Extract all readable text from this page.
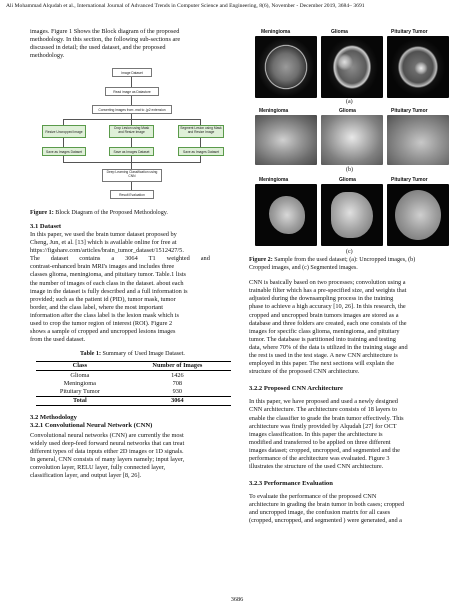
Ali Mohammad Alqudah et al., International Journal of Advanced Trends in Computer Science and Engineering, 8(6), November - December 2019, 3684– 3691

images. Figure 1 Shows the Block diagram of the proposed

methodology. In this section, the following sub-sections are

discussed in detail; the used dataset, and the proposed

methodology.

Image Dataset
Read image as Datastore
Converting images from .mat to .jp2 extension
Resize Uncropped Image
Crop Lesion using Mask and Resize Image
Segment Lesion using Mask and Resize Image
Save as Images Dataset	Save as Images Dataset	Save as Images Dataset
Deep Learning Classification using CNN
Result Evaluation

Figure 1: Block Diagram of the Proposed Methodology.

3.1 Dataset

In this paper, we used the brain tumor dataset proposed by

Cheng, Jun, et al. [13] which is available online for free at

https://figshare.com/articles/brain_tumor_dataset/1512427/5.

The       dataset       contains       a       3064       T1       weighted       and

contrast-enhanced brain MRI's images and includes three

classes glioma, meningioma, and pituitary tumor. Table.1 lists

the number of images of each class in the dataset. about each

image in the dataset is fully described and a full information is

provided; such as the patient id (PID), tumor mask, tumor

border, and the class label, where the most important

information after the class label is the lesion mask which is

used to crop the tumor region of interest (ROI). Figure 2

shows a sample of cropped and uncropped lesions images

from the used dataset.

Table 1: Summary of Used Image Dataset.

Class	Number of Images
Glioma	1426
Meningioma	708
Pituitary Tumor	930
Total	3064

3.2 Methodology

3.2.1 Convolutional Neural Network (CNN)

Convolutional neural networks (CNN) are currently the most

widely used deep-feed forward neural networks that can treat

different types of data inputs either 2D images or 1D signals.

In general, CNN consists of many layers namely; input layer,

convolution layer, RELU layer, fully connected layer,

classification layer, and output layer [8, 26].

Meningioma	Glioma	Pituitary Tumor
(a)
Meningioma	Glioma	Pituitary Tumor
(b)
Meningioma	Glioma	Pituitary Tumor
(c)

Figure 2: Sample from the used dataset; (a): Uncropped images, (b)

Cropped images, and (c) Segmented images.

CNN is basically based on two processes; convolution using a

trainable filter which has a pre-specified size, and weights that

adjusted during the downsampling process in the training

phase to achieve a high accuracy [10, 26]. In this research, the

cropped and uncropped brain tumors images are stored as a

database and three folders are created, each one consists of the

images for specific class glioma, meningioma, and pituitary

tumor. The database is partitioned into training and testing

data, where 70% of the data is utilized in the training stage and

the rest is used in the test stage. A new CNN architecture is

employed in this paper. The next sections will explain the

structure of the proposed CNN architecture.

3.2.2 Proposed CNN Architecture

In this paper, we have proposed and used a newly designed

CNN architecture. The architecture consists of 18 layers to

enable the classifier to grade the brain tumor effectively. This

architecture was firstly provided by Alqudah [27] for OCT

images classification. In this paper the architecture is

modified and transferred to be applied on three different

images dataset; cropped, uncropped, and segmented and the

performance of the architecture was evaluated. Figure 3

illustrates the structure of the used CNN architecture.

3.2.3 Performance Evaluation

To evaluate the performance of the proposed CNN

architecture in grading the brain tumor in both cases; cropped

and uncropped image, the confusion matrix for all cases

(cropped, uncropped, and segmented ) were generated, and a

3686
